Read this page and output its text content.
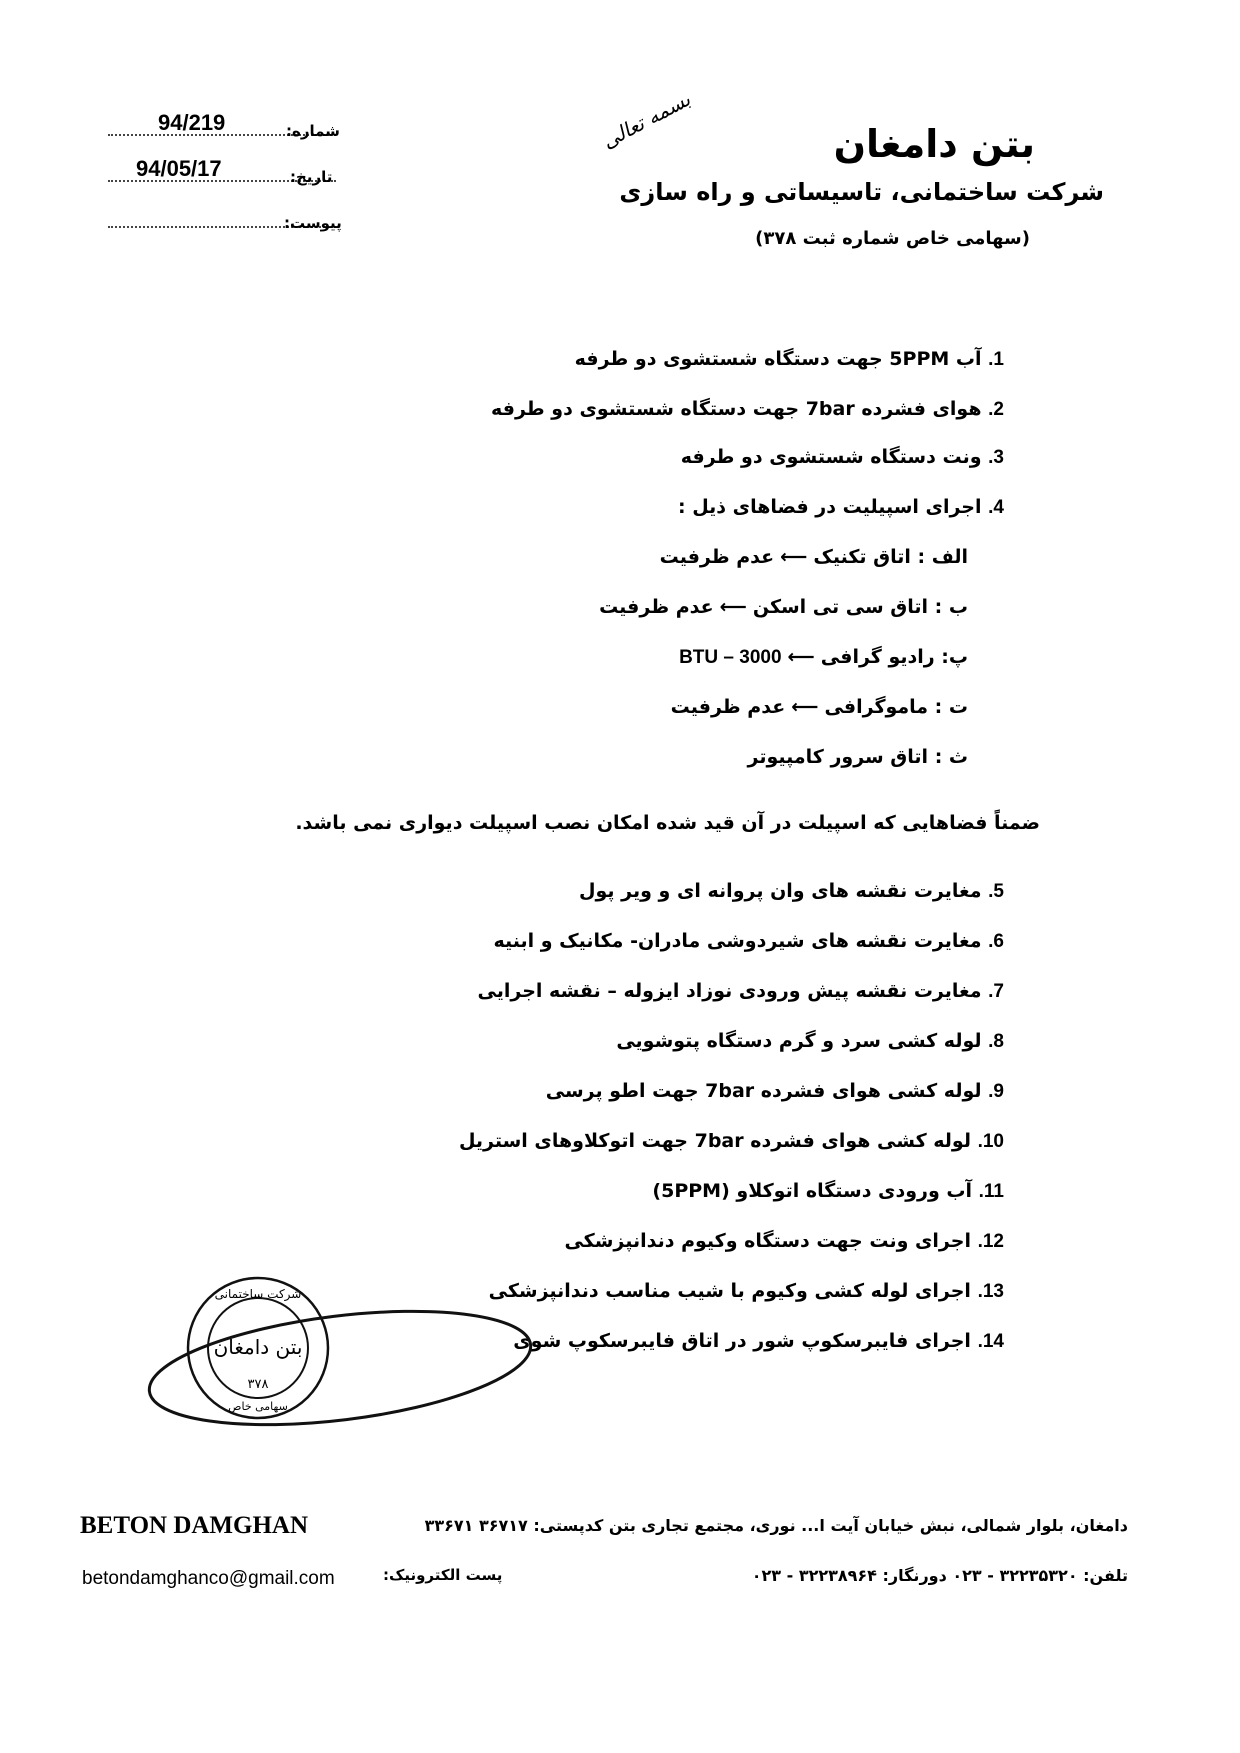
94/219	شماره:
94/05/17	تاریخ:
پیوست:
بسمه تعالی	بتن دامغان
شرکت ساختمانی، تاسیساتی و راه سازی
(سهامی خاص شماره ثبت ۳۷۸)
1. آب 5PPM جهت دستگاه شستشوی دو طرفه
2. هوای فشرده 7bar جهت دستگاه شستشوی دو طرفه
3. ونت دستگاه شستشوی دو طرفه
4. اجرای اسپیلیت در فضاهای ذیل :
الف : اتاق تکنیک⟵عدم ظرفیت
ب : اتاق سی تی اسکن⟵عدم ظرفیت
پ: رادیو گرافی⟵3000 – BTU
ت : ماموگرافی⟵عدم ظرفیت
ث : اتاق سرور کامپیوتر
ضمناً فضاهایی که اسپیلت در آن قید شده امکان نصب اسپیلت دیواری نمی باشد.
5. مغایرت نقشه های وان پروانه ای و ویر پول
6. مغایرت نقشه های شیردوشی مادران- مکانیک و ابنیه
7. مغایرت نقشه پیش ورودی نوزاد ایزوله – نقشه اجرایی
8. لوله کشی سرد و گرم دستگاه پتوشویی
9. لوله کشی هوای فشرده 7bar جهت اطو پرسی
10. لوله کشی هوای فشرده 7bar جهت اتوکلاوهای استریل
11. آب ورودی دستگاه اتوکلاو (5PPM)
12. اجرای ونت جهت دستگاه وکیوم دندانپزشکی
13. اجرای لوله کشی وکیوم با شیب مناسب دندانپزشکی
14. اجرای فایبرسکوپ شور در اتاق فایبرسکوپ شوی
شرکت ساختمانی
بتن دامغان
۳۷۸
سهامی خاص
BETON DAMGHAN	دامغان، بلوار شمالی، نبش خیابان آیت ا... نوری، مجتمع تجاری بتن کدپستی: ۳۶۷۱۷ ۳۳۶۷۱
betondamghanco@gmail.com	پست الکترونیک:	تلفن: ۳۲۲۳۵۳۲۰ - ۰۲۳ دورنگار: ۳۲۲۳۸۹۶۴ - ۰۲۳
